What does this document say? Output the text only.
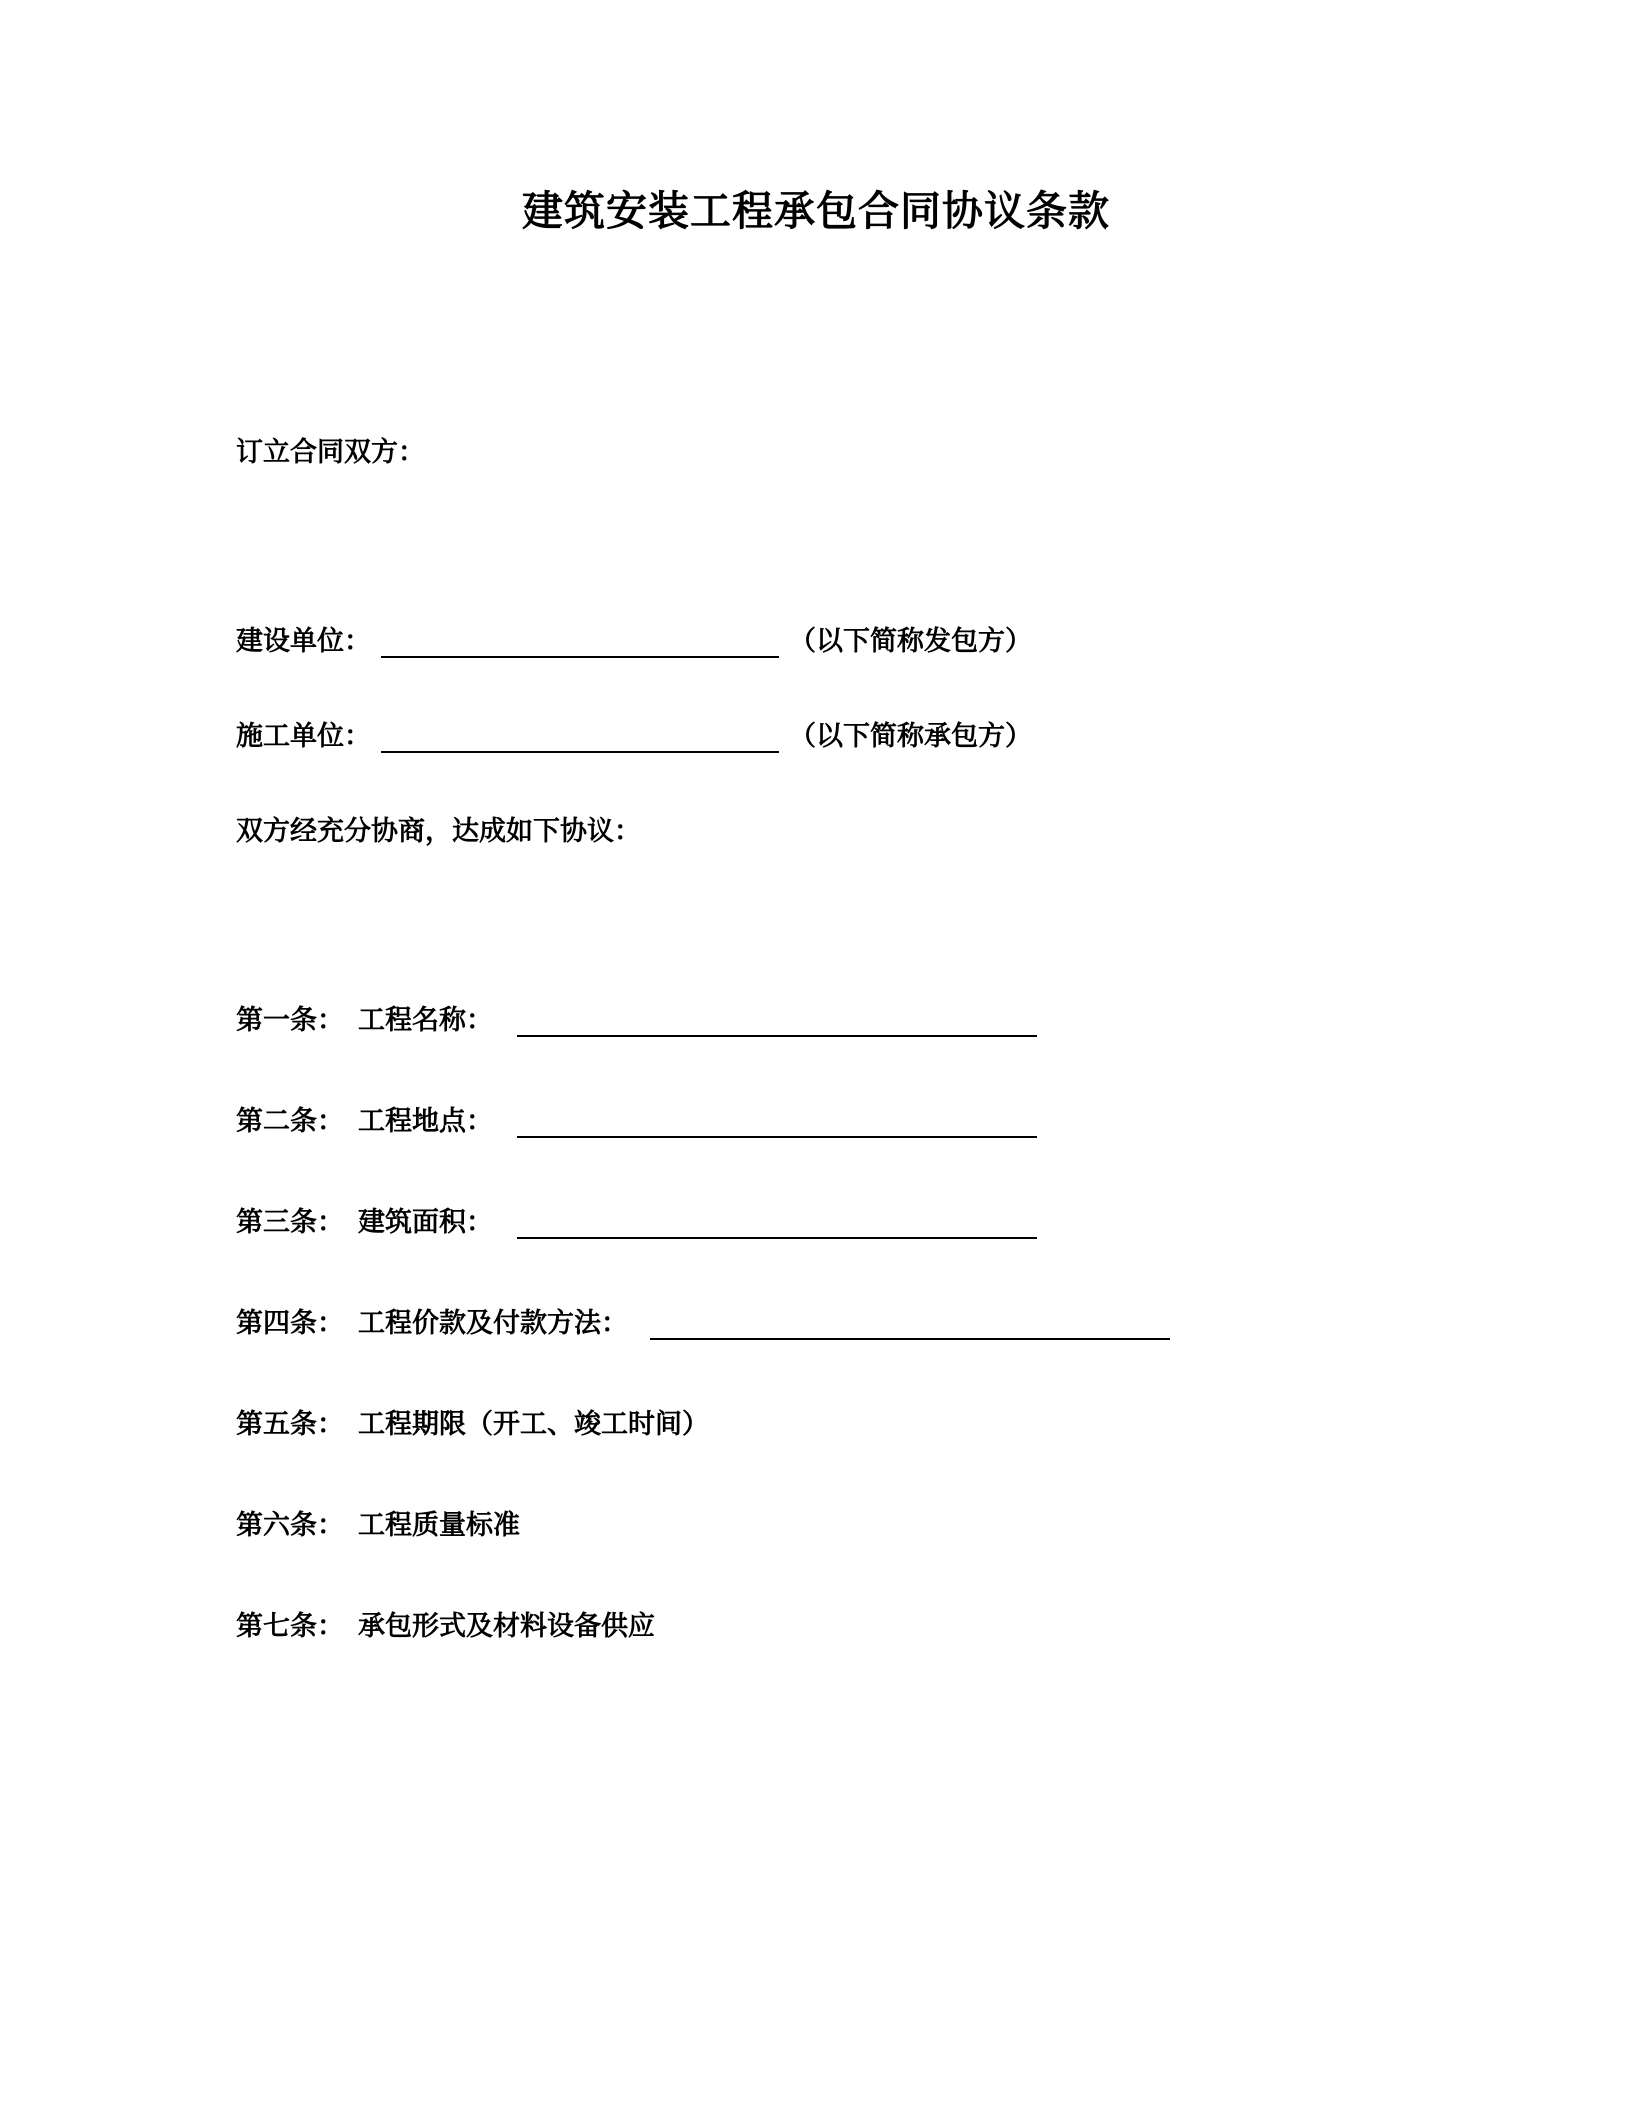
建筑安装工程承包合同协议条款
订立合同双方：
建设单位：	（以下简称发包方）
施工单位：	（以下简称承包方）
双方经充分协商，达成如下协议：
第一条： 工程名称：
第二条： 工程地点：
第三条： 建筑面积：
第四条： 工程价款及付款方法：
第五条： 工程期限（开工、竣工时间）
第六条： 工程质量标准
第七条： 承包形式及材料设备供应
